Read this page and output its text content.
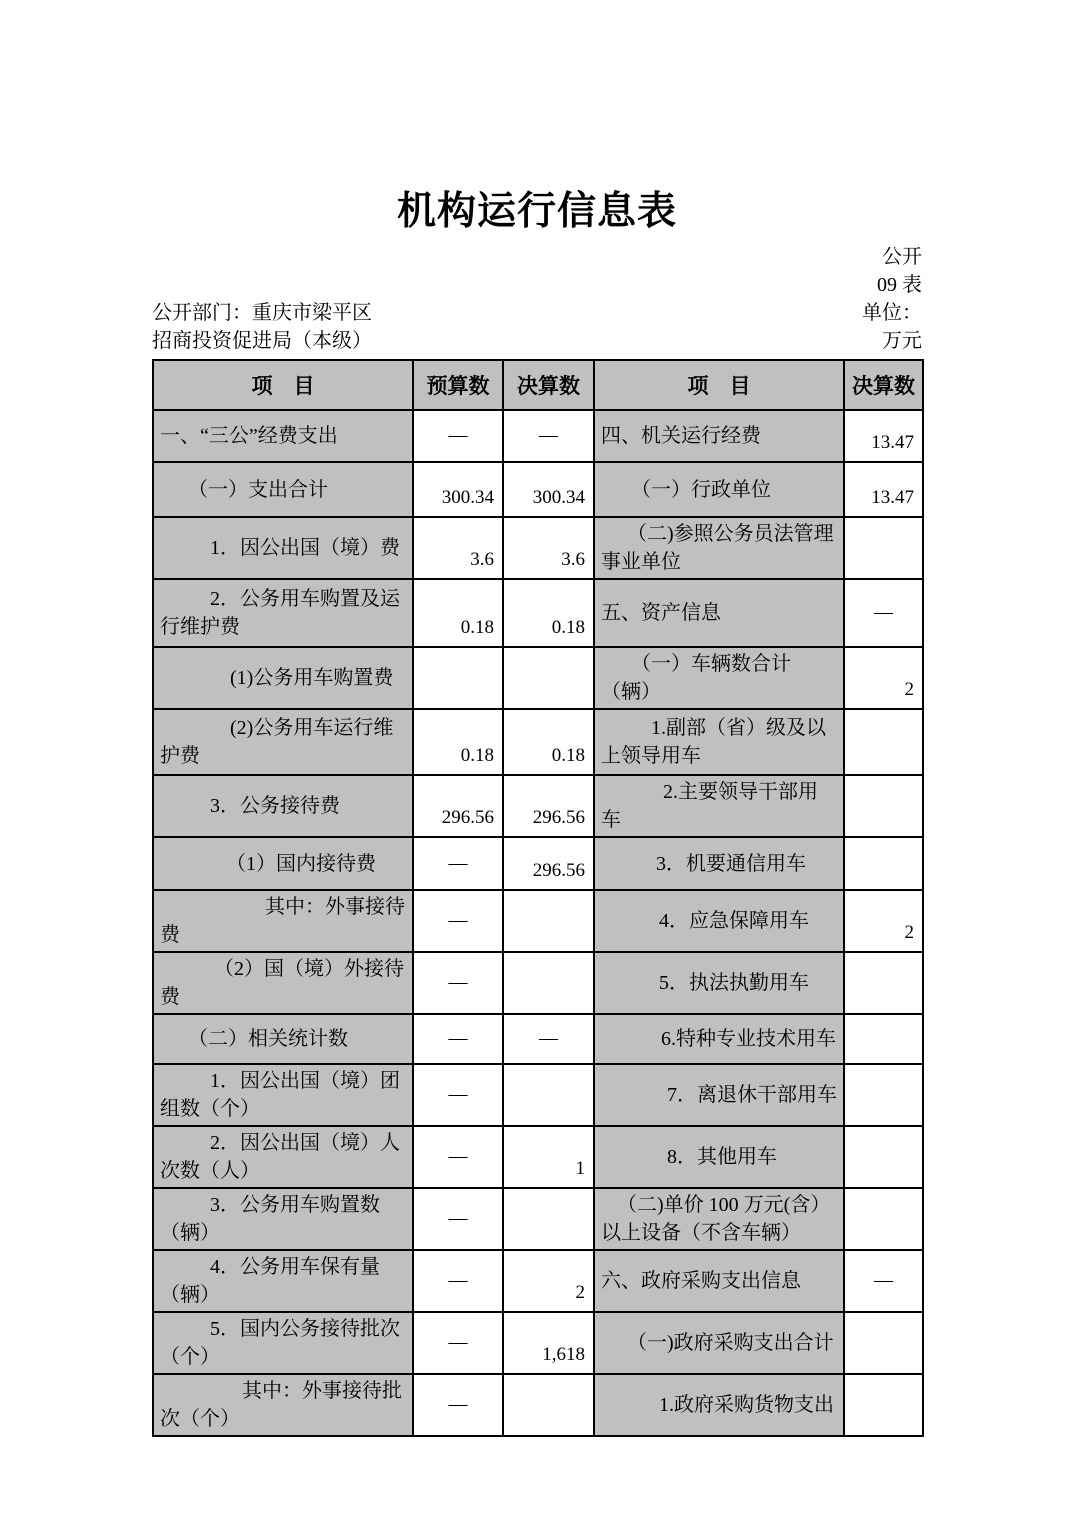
机构运行信息表
公开
09 表
公开部门：重庆市梁平区
招商投资促进局（本级）
单位：
万元
项　目	预算数	决算数	项　目	决算数
一、“三公”经费支出	—	—	四、机关运行经费	13.47
（一）支出合计	300.34	300.34	（一）行政单位	13.47
1．因公出国（境）费	3.6	3.6	（二)参照公务员法管理事业单位	
2．公务用车购置及运行维护费	0.18	0.18	五、资产信息	—
(1)公务用车购置费			（一）车辆数合计（辆）	2
(2)公务用车运行维护费	0.18	0.18	1.副部（省）级及以上领导用车	
3．公务接待费	296.56	296.56	2.主要领导干部用车	
（1）国内接待费	—	296.56	3．机要通信用车	
其中：外事接待费	—		4．应急保障用车	2
（2）国（境）外接待费	—		5．执法执勤用车	
（二）相关统计数	—	—	6.特种专业技术用车	
1．因公出国（境）团组数（个）	—		7．离退休干部用车	
2．因公出国（境）人次数（人）	—	1	8．其他用车	
3．公务用车购置数（辆）	—		（二)单价 100 万元(含）以上设备（不含车辆）	
4．公务用车保有量（辆）	—	2	六、政府采购支出信息	—
5．国内公务接待批次（个）	—	1,618	（一)政府采购支出合计	
其中：外事接待批次（个）	—		1.政府采购货物支出	
